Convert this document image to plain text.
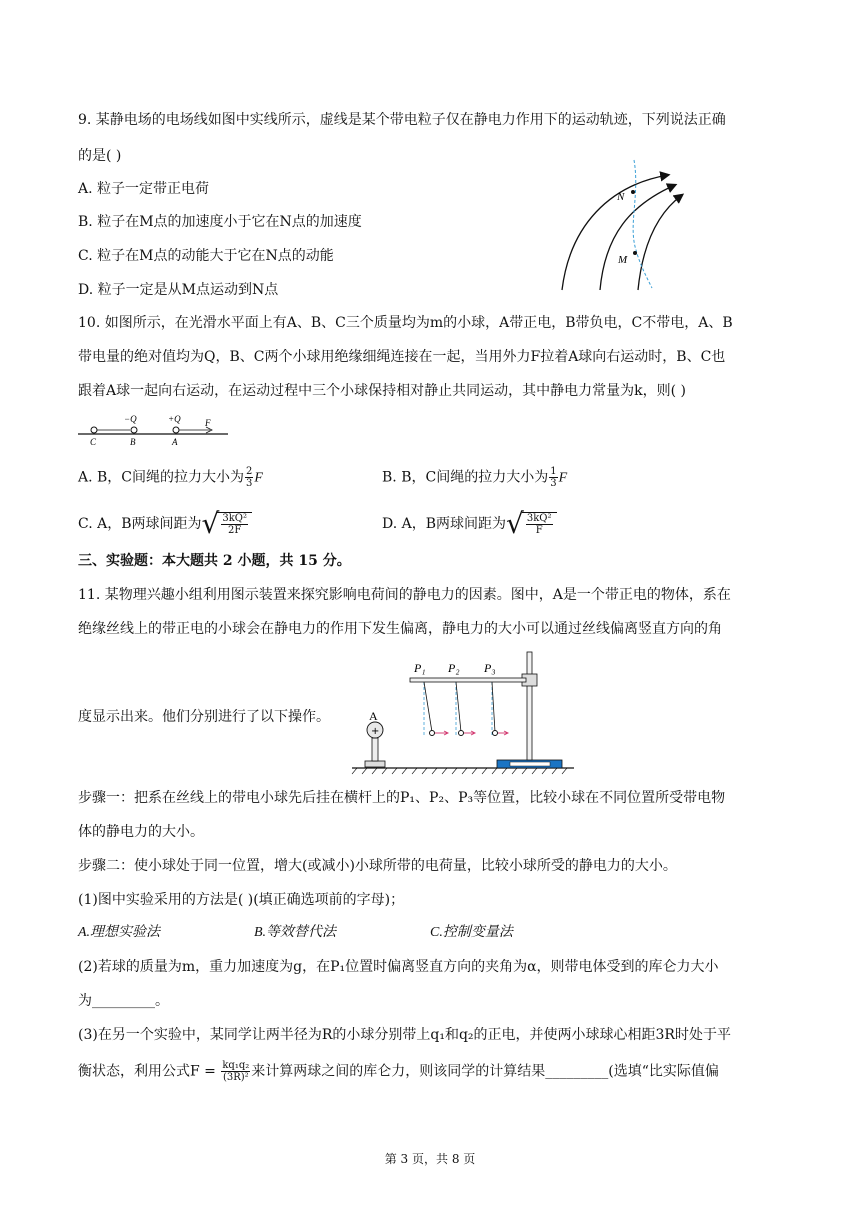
9. 某静电场的电场线如图中实线所示，虚线是某个带电粒子仅在静电力作用下的运动轨迹，下列说法正确
的是( )
A. 粒子一定带正电荷
B. 粒子在M点的加速度小于它在N点的加速度
C. 粒子在M点的动能大于它在N点的动能
D. 粒子一定是从M点运动到N点
N
M
10. 如图所示，在光滑水平面上有A、B、C三个质量均为m的小球，A带正电，B带负电，C不带电，A、B
带电量的绝对值均为Q，B、C两个小球用绝缘细绳连接在一起，当用外力F拉着A球向右运动时，B、C也
跟着A球一起向右运动，在运动过程中三个小球保持相对静止共同运动，其中静电力常量为k，则( )
−Q	+Q	F
C	B	A
A. B，C间绳的拉力大小为 $\frac{2}{3}$ F	B. B，C间绳的拉力大小为 $\frac{1}{3}$ F
C. A，B两球间距为√ $\frac{\text{3kQ²}}{2F}$	D. A，B两球间距为√ $\frac{\text{3kQ²}}{F}$
三、实验题：本大题共 2 小题，共 15 分。
11. 某物理兴趣小组利用图示装置来探究影响电荷间的静电力的因素。图中，A是一个带正电的物体，系在
绝缘丝线上的带正电的小球会在静电力的作用下发生偏离，静电力的大小可以通过丝线偏离竖直方向的角
度显示出来。他们分别进行了以下操作。
+
A
P₁ P₂ P₃
步骤一：把系在丝线上的带电小球先后挂在横杆上的P₁、P₂、P₃等位置，比较小球在不同位置所受带电物
体的静电力的大小。
步骤二：使小球处于同一位置，增大(或减小)小球所带的电荷量，比较小球所受的静电力的大小。
(1)图中实验采用的方法是( )(填正确选项前的字母)；
A.理想实验法	B.等效替代法	C.控制变量法
(2)若球的质量为m，重力加速度为g，在P₁位置时偏离竖直方向的夹角为α，则带电体受到的库仑力大小
为_________。
(3)在另一个实验中，某同学让两半径为R的小球分别带上q₁和q₂的正电，并使两小球球心相距3R时处于平
衡状态，利用公式$F = \frac{\text{kq₁q₂}}{\text{(3R)²}}$ 来计算两球之间的库仑力，则该同学的计算结果_________(选填“比实际值偏
第 3 页，共 8 页
